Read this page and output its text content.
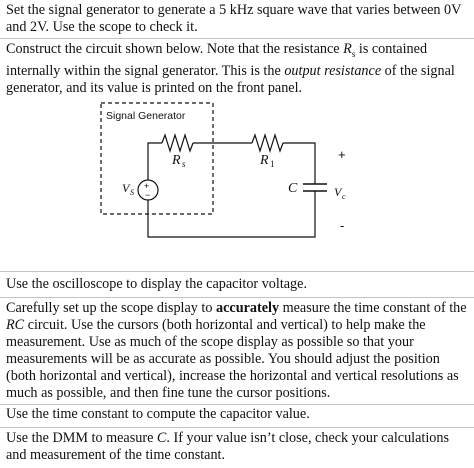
Set the signal generator to generate a 5 kHz square wave that varies between 0V
and 2V. Use the scope to check it.
Construct the circuit shown below. Note that the resistance $R_s$ is contained
internally within the signal generator. This is the output resistance of the signal
generator, and its value is printed on the front panel.
Signal Generator
R s	R 1
+
−
V S	C	V c
+
-
Use the oscilloscope to display the capacitor voltage.
Carefully set up the scope display to accurately measure the time constant of the
RC circuit. Use the cursors (both horizontal and vertical) to help make the
measurement. Use as much of the scope display as possible so that your
measurements will be as accurate as possible. You should adjust the position
(both horizontal and vertical), increase the horizontal and vertical resolutions as
much as possible, and then fine tune the cursor positions.
Use the time constant to compute the capacitor value.
Use the DMM to measure C. If your value isn’t close, check your calculations
and measurement of the time constant.
